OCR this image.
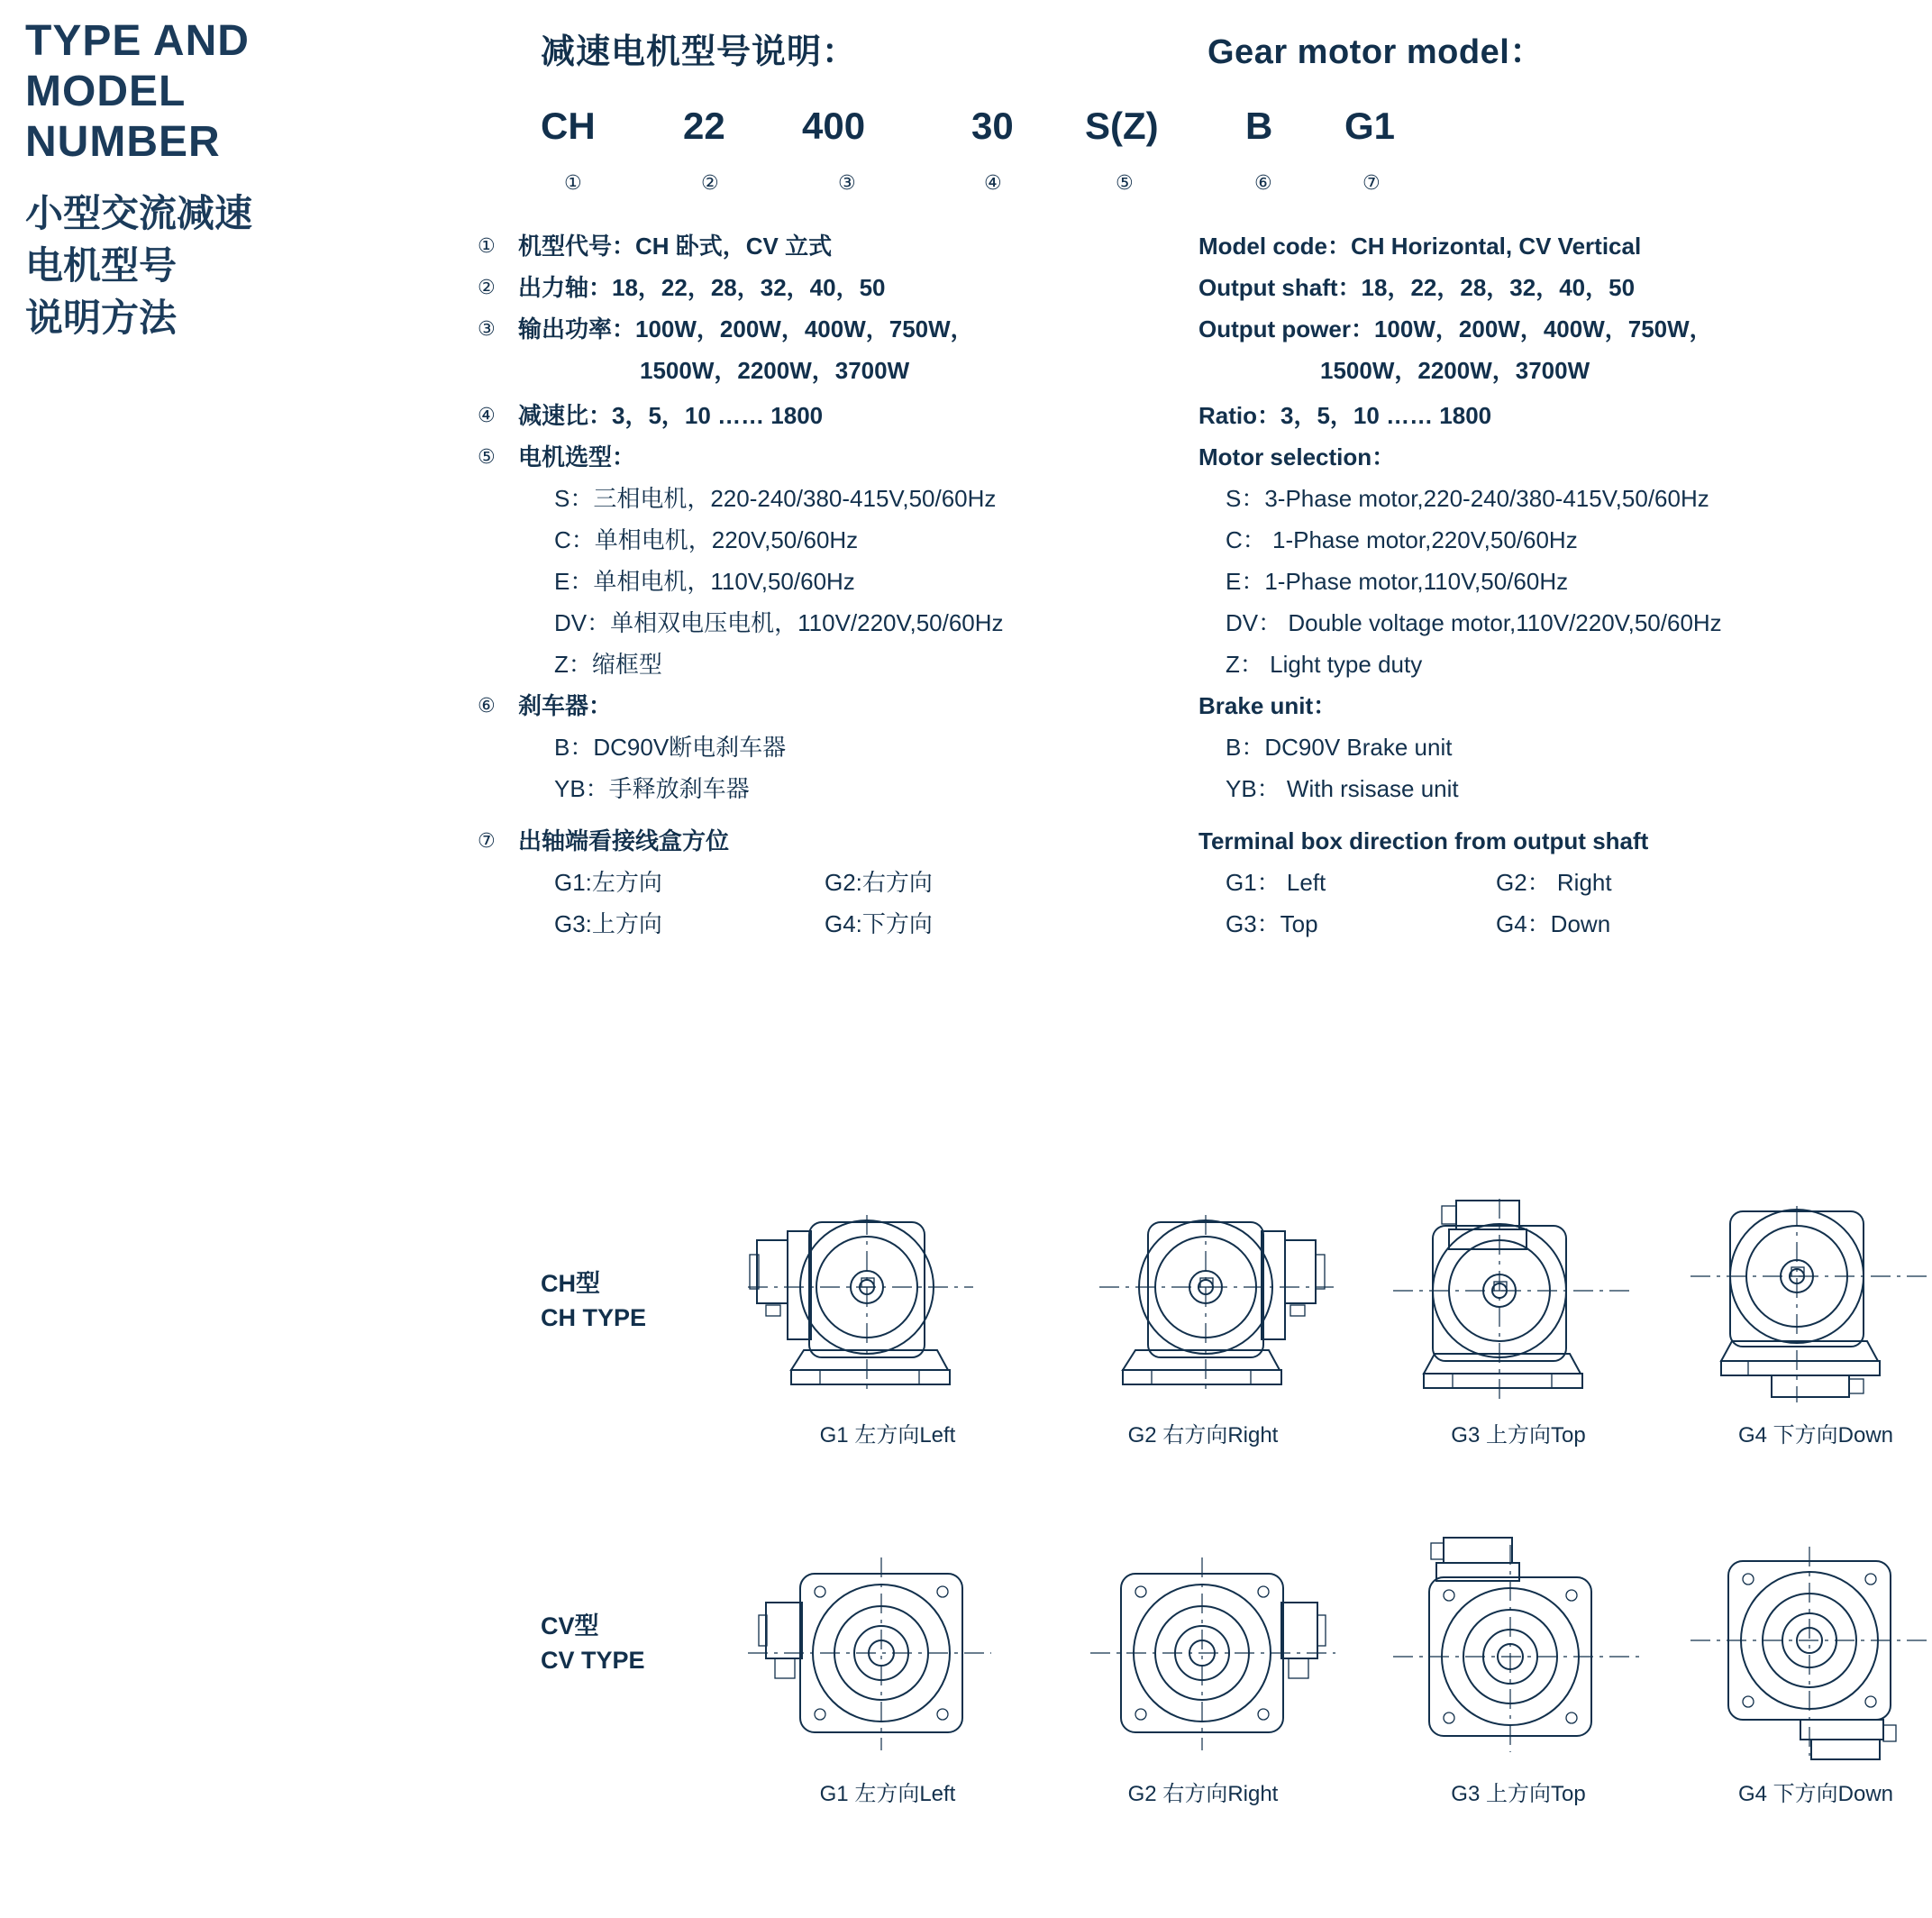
TYPE AND
MODEL
NUMBER
小型交流减速
电机型号
说明方法
减速电机型号说明：	Gear motor model：
CH 22 400	30 S(Z) B G1
①	②	③	④	⑤	⑥	⑦
① 机型代号：CH 卧式，CV 立式
② 出力轴：18，22，28，32，40，50
③ 输出功率：100W，200W，400W，750W，
1500W，2200W，3700W
④ 减速比：3，5，10 …… 1800
⑤ 电机选型：
S：三相电机，220-240/380-415V,50/60Hz
C：单相电机，220V,50/60Hz
E：单相电机，110V,50/60Hz
DV：单相双电压电机，110V/220V,50/60Hz
Z：缩框型
⑥ 刹车器：
B：DC90V断电刹车器
YB：手释放刹车器
⑦ 出轴端看接线盒方位
G1:左方向	G2:右方向
G3:上方向	G4:下方向
Model code：CH Horizontal, CV Vertical
Output shaft：18，22，28，32，40，50
Output power：100W，200W，400W，750W，
1500W，2200W，3700W
Ratio：3，5，10 …… 1800
Motor selection：
S：3-Phase motor,220-240/380-415V,50/60Hz
C： 1-Phase motor,220V,50/60Hz
E：1-Phase motor,110V,50/60Hz
DV： Double voltage motor,110V/220V,50/60Hz
Z： Light type duty
Brake unit：
B：DC90V Brake unit
YB： With rsisase unit
Terminal box direction from output shaft
G1： Left	G2： Right
G3：Top	G4：Down
CH型
CH TYPE
G1 左方向Left	G2 右方向Right	G3 上方向Top	G4 下方向Down
CV型
CV TYPE
G1 左方向Left	G2 右方向Right	G3 上方向Top	G4 下方向Down
